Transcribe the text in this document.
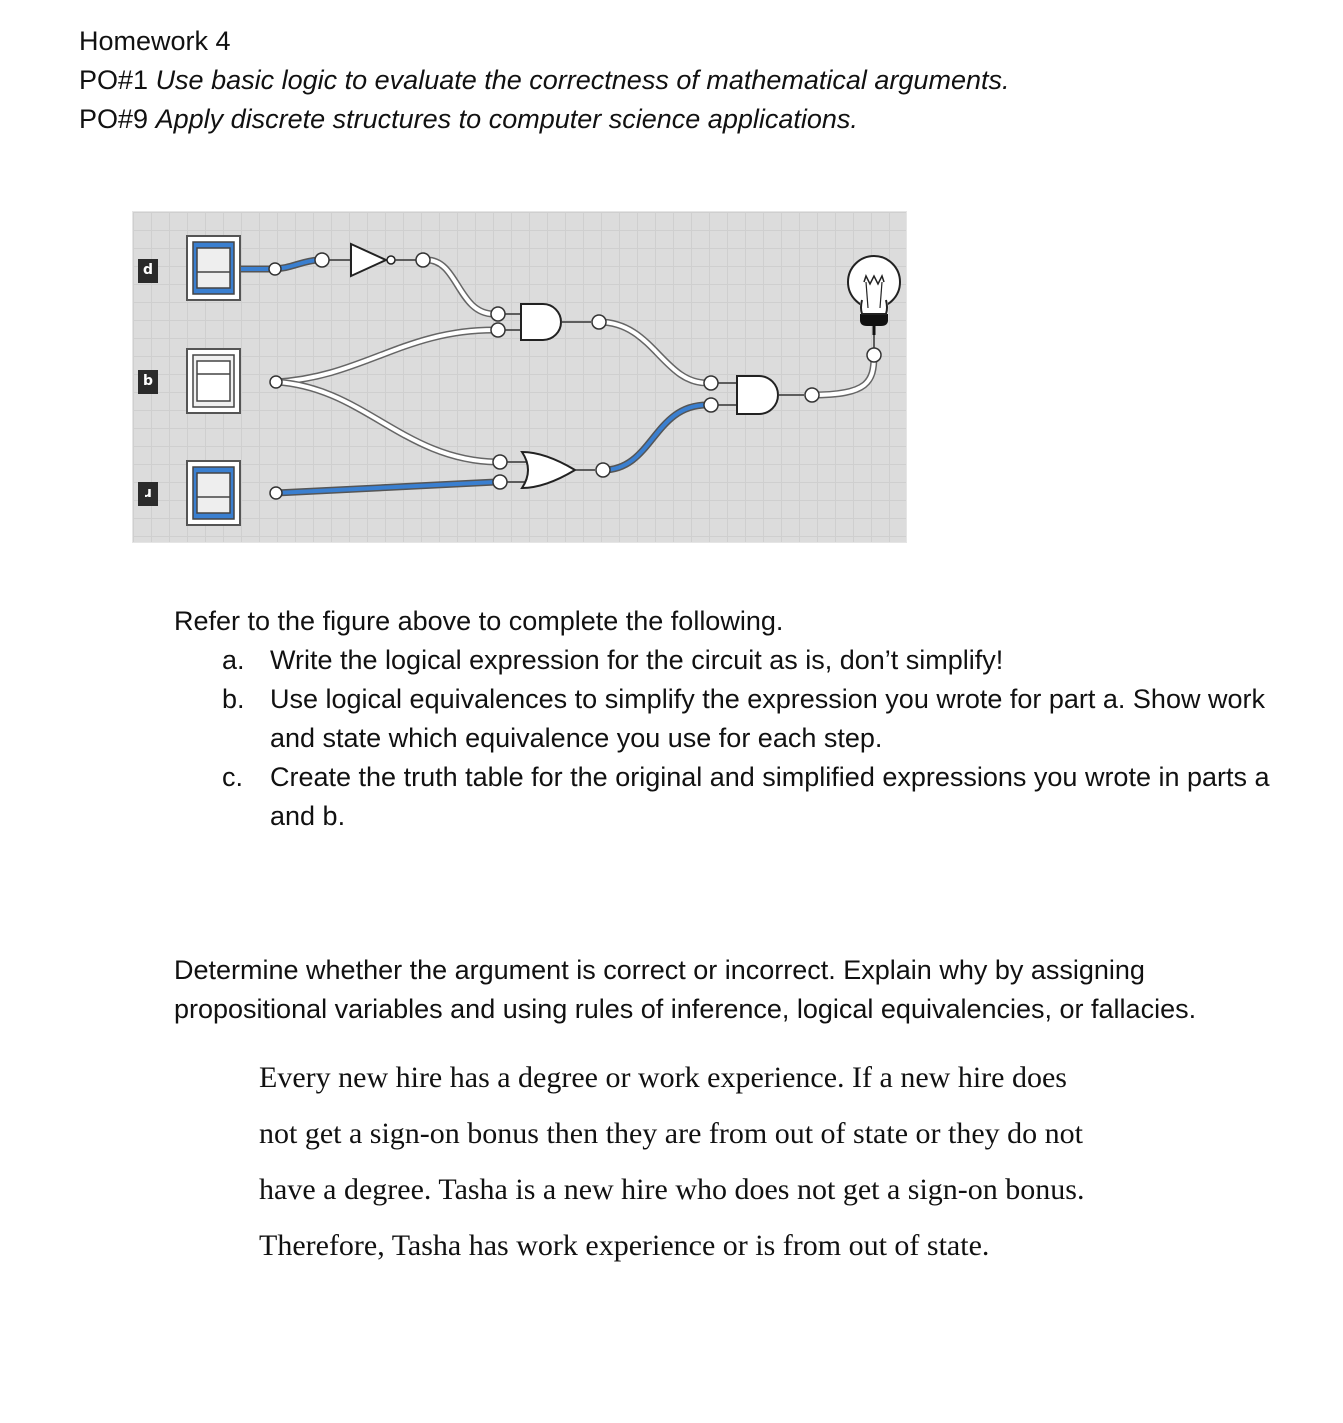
Homework 4
PO#1 Use basic logic to evaluate the correctness of mathematical arguments.
PO#9 Apply discrete structures to computer science applications.
p
q
r

Refer to the figure above to complete the following.

a. Write the logical expression for the circuit as is, don’t simplify!
b. Use logical equivalences to simplify the expression you wrote for part a. Show work and state which equivalence you use for each step.
c. Create the truth table for the original and simplified expressions you wrote in parts a and b.
Determine whether the argument is correct or incorrect. Explain why by assigning propositional variables and using rules of inference, logical equivalencies, or fallacies.
Every new hire has a degree or work experience. If a new hire does
not get a sign-on bonus then they are from out of state or they do not
have a degree. Tasha is a new hire who does not get a sign-on bonus.
Therefore, Tasha has work experience or is from out of state.
